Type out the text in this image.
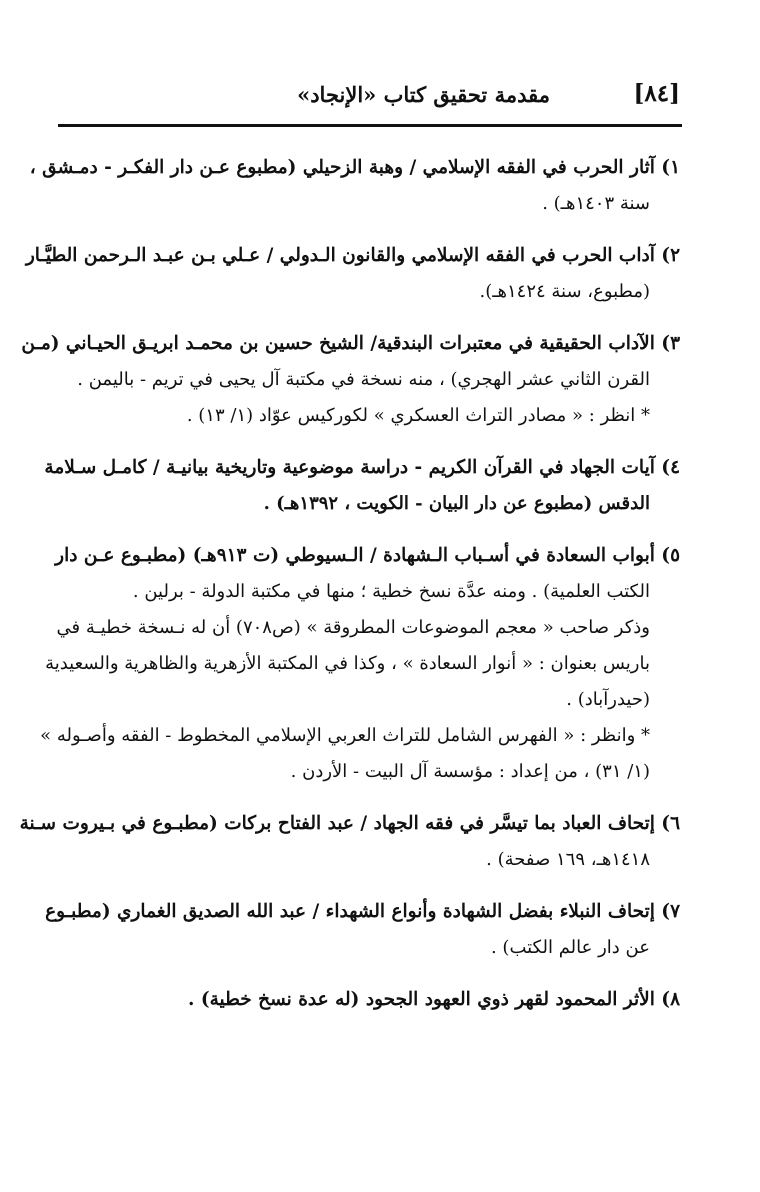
مقدمة تحقيق كتاب «الإنجاد»	[٨٤]
١) آثار الحرب في الفقه الإسلامي / وهبة الزحيلي (مطبوع عـن دار الفكـر - دمـشق ،
سنة ١٤٠٣هـ) .
٢) آداب الحرب في الفقه الإسلامي والقانون الـدولي / عـلي بـن عبـد الـرحمن الطيَّـار
(مطبوع، سنة ١٤٢٤هـ).
٣) الآداب الحقيقية في معتبرات البندقية/ الشيخ حسين بن محمـد ابريـق الحيـاني (مـن
القرن الثاني عشر الهجري) ، منه نسخة في مكتبة آل يحيى في تريم - باليمن .
* انظر : « مصادر التراث العسكري » لكوركيس عوّاد (١/ ١٣) .
٤) آيات الجهاد في القرآن الكريم - دراسة موضوعية وتاريخية بيانيـة / كامـل سـلامة
الدقس (مطبوع عن دار البيان - الكويت ، ١٣٩٢هـ) .
٥) أبواب السعادة في أسـباب الـشهادة / الـسيوطي (ت ٩١٣هـ) (مطبـوع عـن دار
الكتب العلمية) . ومنه عدَّة نسخ خطية ؛ منها في مكتبة الدولة - برلين .
وذكر صاحب « معجم الموضوعات المطروقة » (ص٧٠٨) أن له نـسخة خطيـة في
باريس بعنوان : « أنوار السعادة » ، وكذا في المكتبة الأزهرية والظاهرية والسعيدية
(حيدرآباد) .
* وانظر : « الفهرس الشامل للتراث العربي الإسلامي المخطوط - الفقه وأصـوله »
(١/ ٣١) ، من إعداد : مؤسسة آل البيت - الأردن .
٦) إتحاف العباد بما تيسَّر في فقه الجهاد / عبد الفتاح بركات (مطبـوع في بـيروت سـنة
١٤١٨هـ، ١٦٩ صفحة) .
٧) إتحاف النبلاء بفضل الشهادة وأنواع الشهداء / عبد الله الصديق الغماري (مطبـوع
عن دار عالم الكتب) .
٨) الأثر المحمود لقهر ذوي العهود الجحود (له عدة نسخ خطية) .
